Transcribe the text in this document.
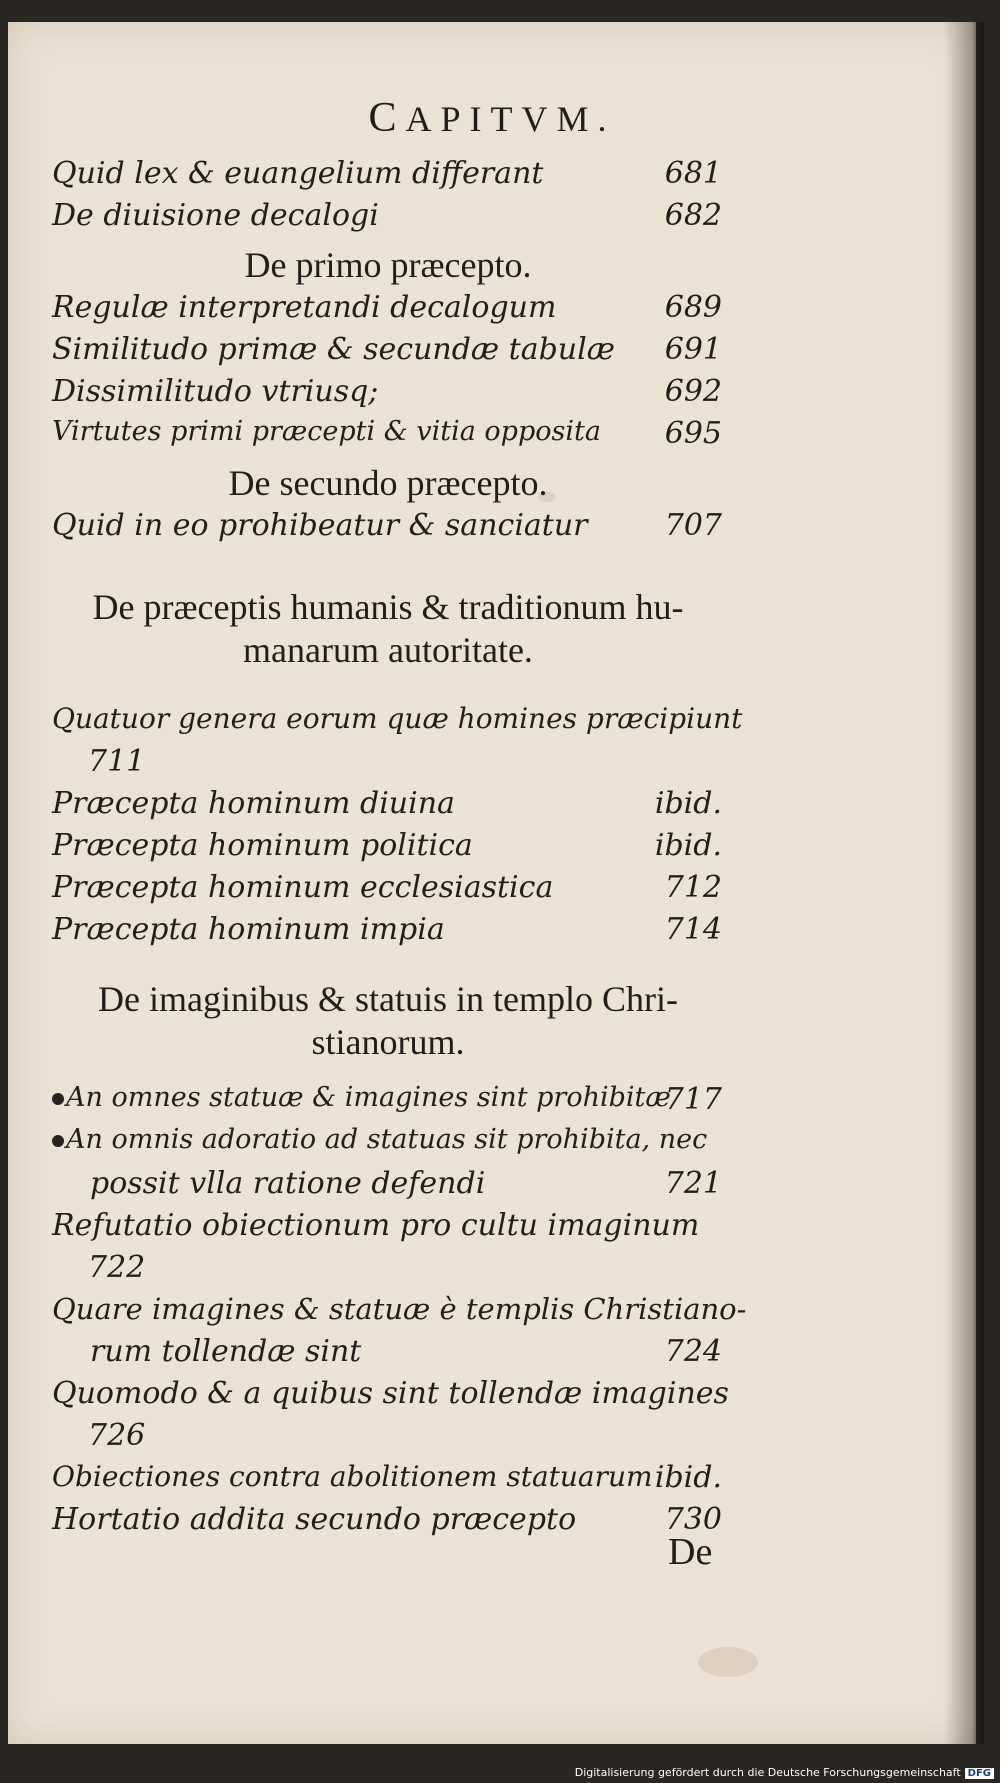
CAPITVM.
Quid lex & euangelium differant	681
De diuisione decalogi	682
De primo præcepto.
Regulæ interpretandi decalogum	689
Similitudo primæ & secundæ tabulæ 691
Dissimilitudo vtriusq;	692
Virtutes primi præcepti & vitia opposita 695
De secundo præcepto.
Quid in eo prohibeatur & sanciatur	707
De præceptis humanis & traditionum hu-
manarum autoritate.
Quatuor genera eorum quæ homines præcipiunt
711
Præcepta hominum diuina	ibid.
Præcepta hominum politica	ibid.
Præcepta hominum ecclesiastica	712
Præcepta hominum impia	714
De imaginibus & statuis in templo Chri-
stianorum.
An omnes statuæ & imagines sint prohibitæ
717
An omnis adoratio ad statuas sit prohibita, nec
possit vlla ratione defendi	721
Refutatio obiectionum pro cultu imaginum
722
Quare imagines & statuæ è templis Christiano-
rum tollendæ sint	724
Quomodo & a quibus sint tollendæ imagines
726
Obiectiones contra abolitionem statuarum ibid.
Hortatio addita secundo præcepto	730
De
Digitalisierung gefördert durch die Deutsche Forschungsgemeinschaft DFG
